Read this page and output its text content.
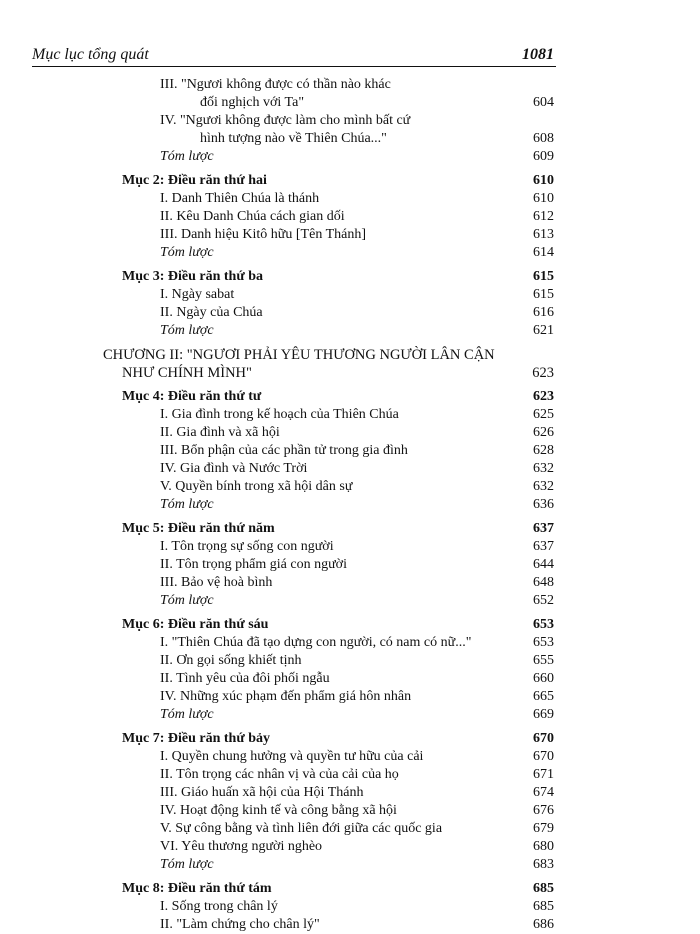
Mục lục tổng quát	1081
III. "Ngươi không được có thần nào khác
đối nghịch với Ta"	604
IV. "Ngươi không được làm cho mình bất cứ
hình tượng nào về Thiên Chúa..."	608
Tóm lược	609
Mục 2: Điều răn thứ hai	610
I. Danh Thiên Chúa là thánh	610
II. Kêu Danh Chúa cách gian dối	612
III. Danh hiệu Kitô hữu [Tên Thánh]	613
Tóm lược	614
Mục 3: Điều răn thứ ba	615
I. Ngày sabat	615
II. Ngày của Chúa	616
Tóm lược	621
CHƯƠNG II: "NGƯƠI PHẢI YÊU THƯƠNG NGƯỜI LÂN CẬN
NHƯ CHÍNH MÌNH"	623
Mục 4: Điều răn thứ tư	623
I. Gia đình trong kế hoạch của Thiên Chúa	625
II. Gia đình và xã hội	626
III. Bổn phận của các phần tử trong gia đình	628
IV. Gia đình và Nước Trời	632
V. Quyền bính trong xã hội dân sự	632
Tóm lược	636
Mục 5: Điều răn thứ năm	637
I. Tôn trọng sự sống con người	637
II. Tôn trọng phẩm giá con người	644
III. Bảo vệ hoà bình	648
Tóm lược	652
Mục 6: Điều răn thứ sáu	653
I. "Thiên Chúa đã tạo dựng con người, có nam có nữ..."	653
II. Ơn gọi sống khiết tịnh	655
II. Tình yêu của đôi phối ngẫu	660
IV. Những xúc phạm đến phẩm giá hôn nhân	665
Tóm lược	669
Mục 7: Điều răn thứ bảy	670
I. Quyền chung hưởng và quyền tư hữu của cải	670
II. Tôn trọng các nhân vị và của cải của họ	671
III. Giáo huấn xã hội của Hội Thánh	674
IV. Hoạt động kinh tế và công bằng xã hội	676
V. Sự công bằng và tình liên đới giữa các quốc gia	679
VI. Yêu thương người nghèo	680
Tóm lược	683
Mục 8: Điều răn thứ tám	685
I. Sống trong chân lý	685
II. "Làm chứng cho chân lý"	686
